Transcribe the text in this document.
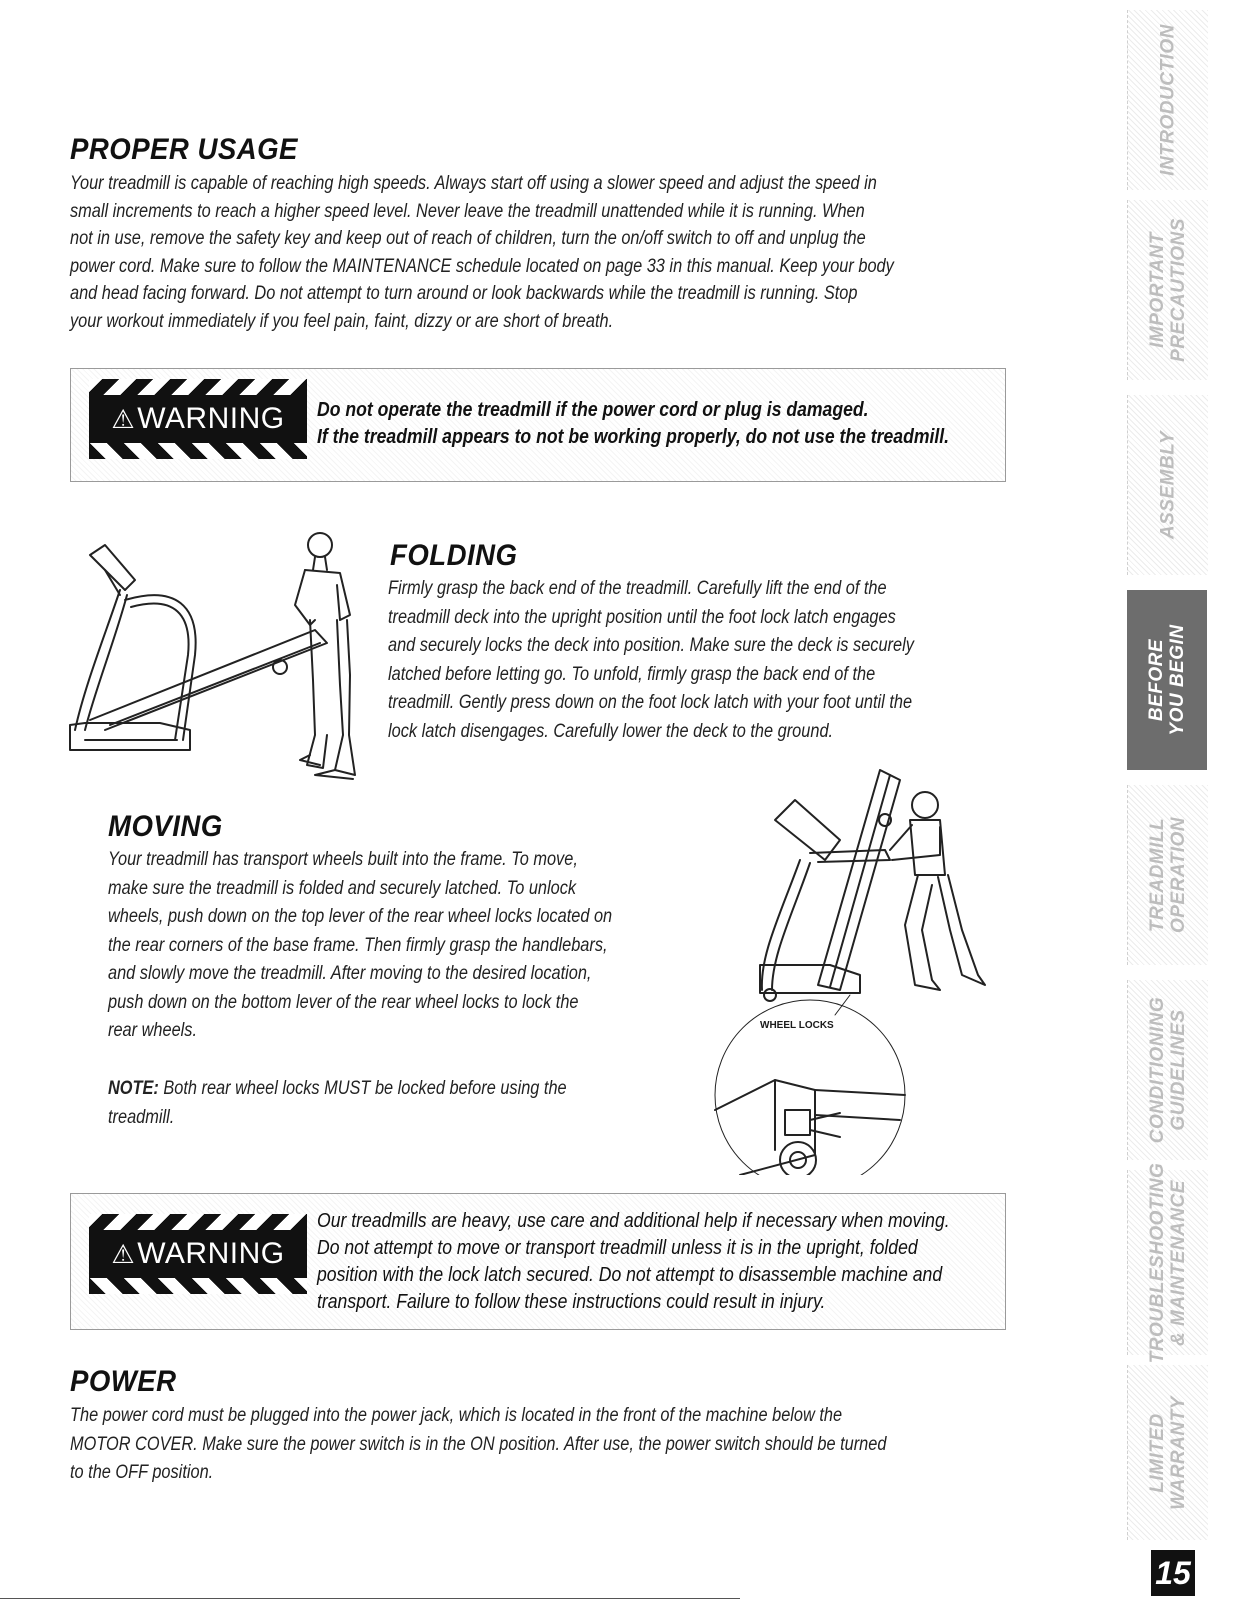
PROPER USAGE
Your treadmill is capable of reaching high speeds. Always start off using a slower speed and adjust the speed in
small increments to reach a higher speed level. Never leave the treadmill unattended while it is running. When
not in use, remove the safety key and keep out of reach of children, turn the on/off switch to off and unplug the
power cord. Make sure to follow the MAINTENANCE schedule located on page 33 in this manual. Keep your body
and head facing forward. Do not attempt to turn around or look backwards while the treadmill is running. Stop
your workout immediately if you feel pain, faint, dizzy or are short of breath.
⚠WARNING	Do not operate the treadmill if the power cord or plug is damaged.
If the treadmill appears to not be working properly, do not use the treadmill.

FOLDING
Firmly grasp the back end of the treadmill. Carefully lift the end of the
treadmill deck into the upright position until the foot lock latch engages
and securely locks the deck into position. Make sure the deck is securely
latched before letting go. To unfold, firmly grasp the back end of the
treadmill. Gently press down on the foot lock latch with your foot until the
lock latch disengages. Carefully lower the deck to the ground.
MOVING
Your treadmill has transport wheels built into the frame. To move,
make sure the treadmill is folded and securely latched. To unlock
wheels, push down on the top lever of the rear wheel locks located on
the rear corners of the base frame. Then firmly grasp the handlebars,
and slowly move the treadmill. After moving to the desired location,
push down on the bottom lever of the rear wheel locks to lock the
rear wheels.
NOTE: Both rear wheel locks MUST be locked before using the
treadmill.
WHEEL LOCKS
⚠WARNING

Our treadmills are heavy, use care and additional help if necessary when moving.
Do not attempt to move or transport treadmill unless it is in the upright, folded
position with the lock latch secured. Do not attempt to disassemble machine and
transport. Failure to follow these instructions could result in injury.

POWER
The power cord must be plugged into the power jack, which is located in the front of the machine below the
MOTOR COVER. Make sure the power switch is in the ON position. After use, the power switch should be turned
to the OFF position.
INTRODUCTION
IMPORTANT PRECAUTIONS
ASSEMBLY
BEFORE YOU BEGIN
TREADMILL OPERATION
CONDITIONING GUIDELINES
TROUBLESHOOTING & MAINTENANCE
LIMITED WARRANTY
15
